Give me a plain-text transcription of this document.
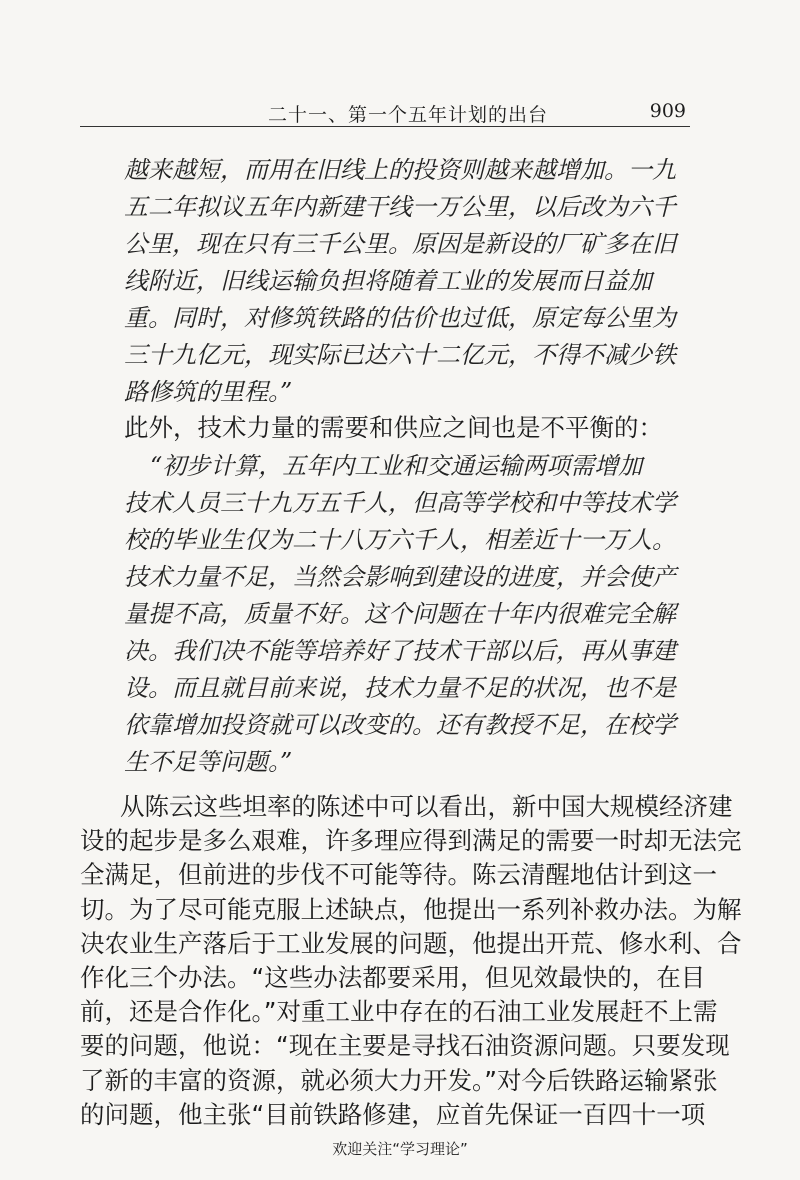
二十一、第一个五年计划的出台	909
越来越短，而用在旧线上的投资则越来越增加。一九
五二年拟议五年内新建干线一万公里，以后改为六千
公里，现在只有三千公里。原因是新设的厂矿多在旧
线附近，旧线运输负担将随着工业的发展而日益加
重。同时，对修筑铁路的估价也过低，原定每公里为
三十九亿元，现实际已达六十二亿元，不得不减少铁
路修筑的里程。”
此外，技术力量的需要和供应之间也是不平衡的：
“初步计算，五年内工业和交通运输两项需增加
技术人员三十九万五千人，但高等学校和中等技术学
校的毕业生仅为二十八万六千人，相差近十一万人。
技术力量不足，当然会影响到建设的进度，并会使产
量提不高，质量不好。这个问题在十年内很难完全解
决。我们决不能等培养好了技术干部以后，再从事建
设。而且就目前来说，技术力量不足的状况，也不是
依靠增加投资就可以改变的。还有教授不足，在校学
生不足等问题。”
从陈云这些坦率的陈述中可以看出，新中国大规模经济建
设的起步是多么艰难，许多理应得到满足的需要一时却无法完
全满足，但前进的步伐不可能等待。陈云清醒地估计到这一
切。为了尽可能克服上述缺点，他提出一系列补救办法。为解
决农业生产落后于工业发展的问题，他提出开荒、修水利、合
作化三个办法。“这些办法都要采用，但见效最快的，在目
前，还是合作化。”对重工业中存在的石油工业发展赶不上需
要的问题，他说：“现在主要是寻找石油资源问题。只要发现
了新的丰富的资源，就必须大力开发。”对今后铁路运输紧张
的问题，他主张“目前铁路修建，应首先保证一百四十一项
欢迎关注“学习理论”
